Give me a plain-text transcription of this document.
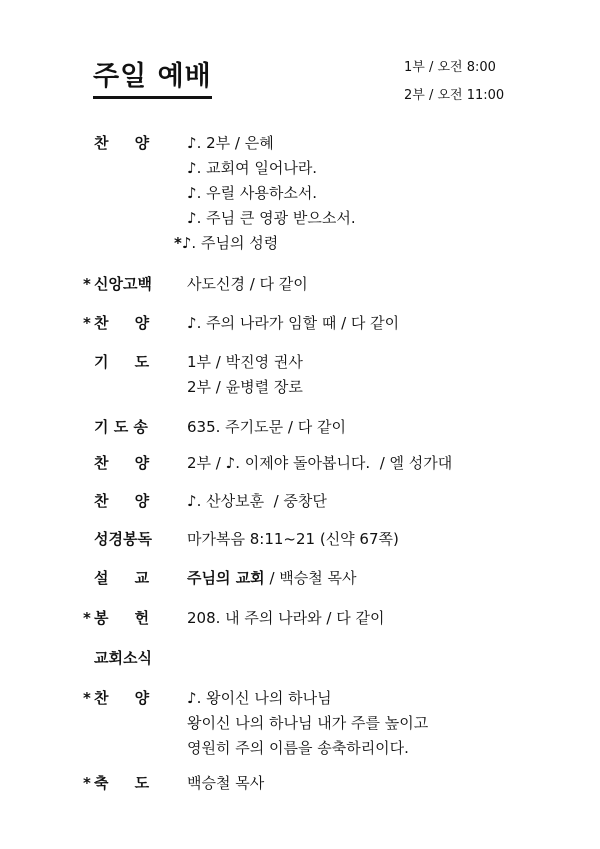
주일 예배	1부 / 오전 8:00
2부 / 오전 11:00
찬     양	♪. 2부 / 은혜
♪. 교회여 일어나라.
♪. 우릴 사용하소서.
♪. 주님 큰 영광 받으소서.
*♪. 주님의 성령
* 신앙고백	사도신경 / 다 같이
* 찬     양	♪. 주의 나라가 임할 때 / 다 같이
기     도	1부 / 박진영 권사
2부 / 윤병렬 장로
기 도 송	635. 주기도문 / 다 같이
찬     양	2부 / ♪. 이제야 돌아봅니다.  / 엘 성가대
찬     양	♪. 산상보훈  / 중창단
성경봉독	마가복음 8:11~21 (신약 67쪽)
설     교	주님의 교회 / 백승철 목사
* 봉     헌	208. 내 주의 나라와 / 다 같이
교회소식
* 찬     양	♪. 왕이신 나의 하나님
왕이신 나의 하나님 내가 주를 높이고
영원히 주의 이름을 송축하리이다.
* 축     도	백승철 목사
